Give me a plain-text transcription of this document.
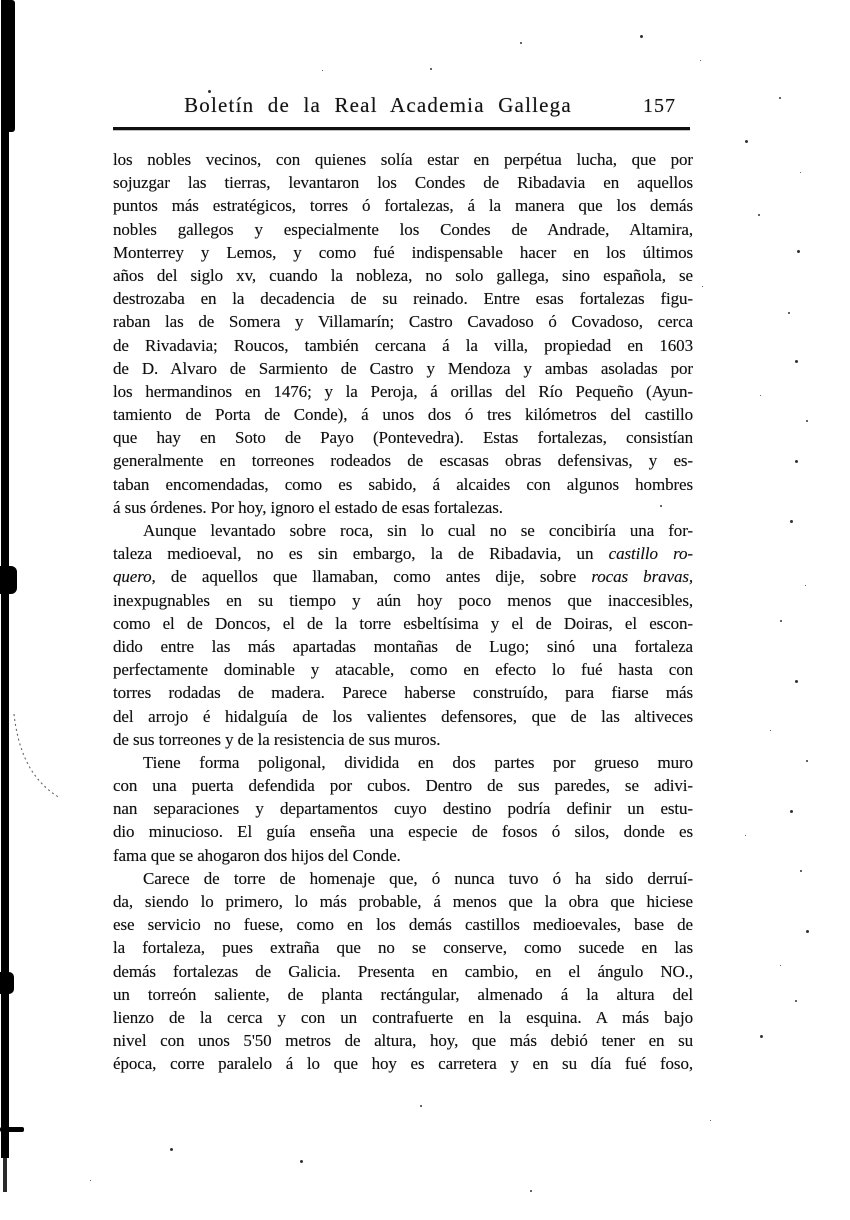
Boletín de la Real Academia Gallega	157
los nobles vecinos, con quienes solía estar en perpétua lucha, que por
sojuzgar las tierras, levantaron los Condes de Ribadavia en aquellos
puntos más estratégicos, torres ó fortalezas, á la manera que los demás
nobles gallegos y especialmente los Condes de Andrade, Altamira,
Monterrey y Lemos, y como fué indispensable hacer en los últimos
años del siglo xv, cuando la nobleza, no solo gallega, sino española, se
destrozaba en la decadencia de su reinado. Entre esas fortalezas figu-
raban las de Somera y Villamarín; Castro Cavadoso ó Covadoso, cerca
de Rivadavia; Roucos, también cercana á la villa, propiedad en 1603
de D. Alvaro de Sarmiento de Castro y Mendoza y ambas asoladas por
los hermandinos en 1476; y la Peroja, á orillas del Río Pequeño (Ayun-
tamiento de Porta de Conde), á unos dos ó tres kilómetros del castillo
que hay en Soto de Payo (Pontevedra). Estas fortalezas, consistían
generalmente en torreones rodeados de escasas obras defensivas, y es-
taban encomendadas, como es sabido, á alcaides con algunos hombres
á sus órdenes. Por hoy, ignoro el estado de esas fortalezas.
Aunque levantado sobre roca, sin lo cual no se concibiría una for-
taleza medioeval, no es sin embargo, la de Ribadavia, un castillo ro-
quero, de aquellos que llamaban, como antes dije, sobre rocas bravas,
inexpugnables en su tiempo y aún hoy poco menos que inaccesibles,
como el de Doncos, el de la torre esbeltísima y el de Doiras, el escon-
dido entre las más apartadas montañas de Lugo; sinó una fortaleza
perfectamente dominable y atacable, como en efecto lo fué hasta con
torres rodadas de madera. Parece haberse construído, para fiarse más
del arrojo é hidalguía de los valientes defensores, que de las altiveces
de sus torreones y de la resistencia de sus muros.
Tiene forma poligonal, dividida en dos partes por grueso muro
con una puerta defendida por cubos. Dentro de sus paredes, se adivi-
nan separaciones y departamentos cuyo destino podría definir un estu-
dio minucioso. El guía enseña una especie de fosos ó silos, donde es
fama que se ahogaron dos hijos del Conde.
Carece de torre de homenaje que, ó nunca tuvo ó ha sido derruí-
da, siendo lo primero, lo más probable, á menos que la obra que hiciese
ese servicio no fuese, como en los demás castillos medioevales, base de
la fortaleza, pues extraña que no se conserve, como sucede en las
demás fortalezas de Galicia. Presenta en cambio, en el ángulo NO.,
un torreón saliente, de planta rectángular, almenado á la altura del
lienzo de la cerca y con un contrafuerte en la esquina. A más bajo
nivel con unos 5'50 metros de altura, hoy, que más debió tener en su
época, corre paralelo á lo que hoy es carretera y en su día fué foso,
